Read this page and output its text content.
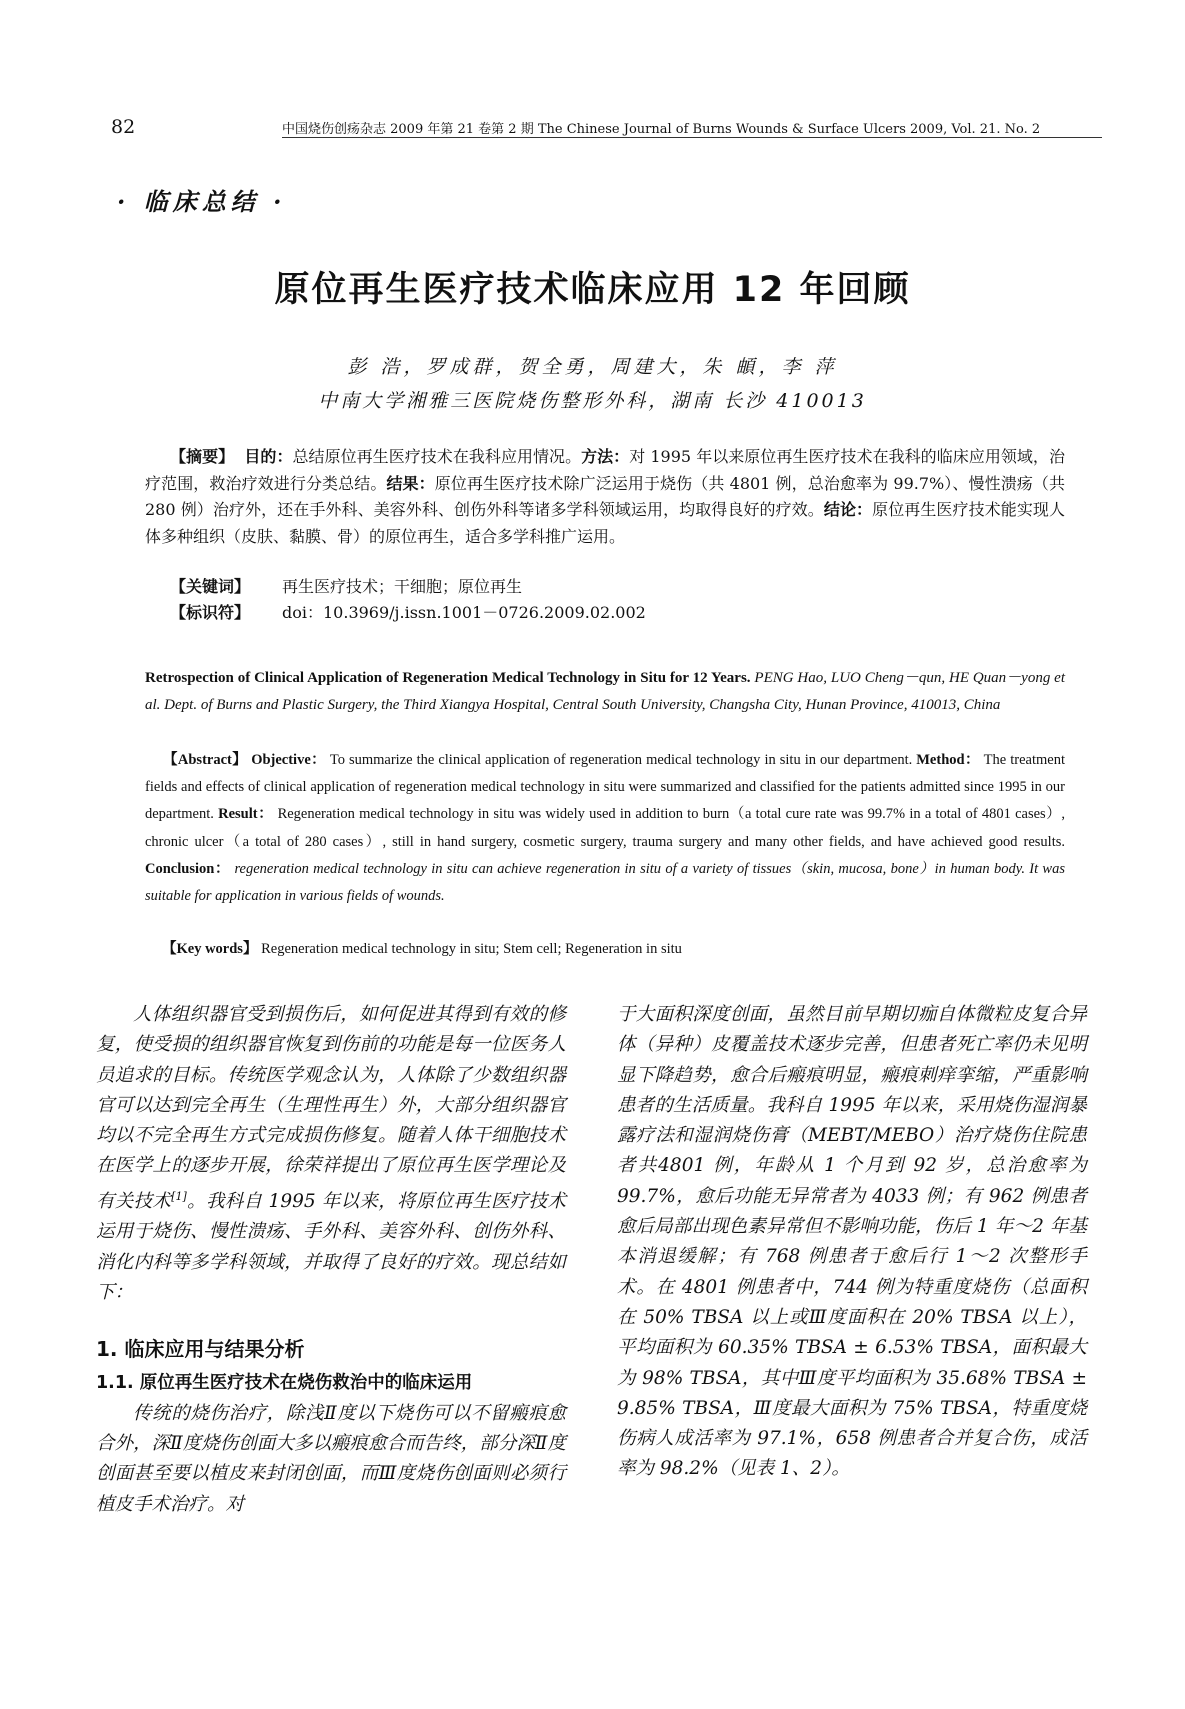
82	中国烧伤创疡杂志 2009 年第 21 卷第 2 期 The Chinese Journal of Burns Wounds & Surface Ulcers 2009, Vol. 21. No. 2
· 临床总结 ·
原位再生医疗技术临床应用 12 年回顾
彭 浩，罗成群，贺全勇，周建大，朱 頔，李 萍
中南大学湘雅三医院烧伤整形外科，湖南 长沙 410013
【摘要】 目的：总结原位再生医疗技术在我科应用情况。方法：对 1995 年以来原位再生医疗技术在我科的临床应用领域，治疗范围，救治疗效进行分类总结。结果：原位再生医疗技术除广泛运用于烧伤（共 4801 例，总治愈率为 99.7%）、慢性溃疡（共 280 例）治疗外，还在手外科、美容外科、创伤外科等诸多学科领域运用，均取得良好的疗效。结论：原位再生医疗技术能实现人体多种组织（皮肤、黏膜、骨）的原位再生，适合多学科推广运用。
【关键词】 再生医疗技术；干细胞；原位再生
【标识符】 doi：10.3969/j.issn.1001－0726.2009.02.002
Retrospection of Clinical Application of Regeneration Medical Technology in Situ for 12 Years. PENG Hao, LUO Cheng－qun, HE Quan－yong et al. Dept. of Burns and Plastic Surgery, the Third Xiangya Hospital, Central South University, Changsha City, Hunan Province, 410013, China
【Abstract】 Objective： To summarize the clinical application of regeneration medical technology in situ in our department. Method： The treatment fields and effects of clinical application of regeneration medical technology in situ were summarized and classified for the patients admitted since 1995 in our department. Result： Regeneration medical technology in situ was widely used in addition to burn（a total cure rate was 99.7% in a total of 4801 cases）, chronic ulcer（a total of 280 cases）, still in hand surgery, cosmetic surgery, trauma surgery and many other fields, and have achieved good results. Conclusion： regeneration medical technology in situ can achieve regeneration in situ of a variety of tissues（skin, mucosa, bone）in human body. It was suitable for application in various fields of wounds.
【Key words】 Regeneration medical technology in situ; Stem cell; Regeneration in situ

人体组织器官受到损伤后，如何促进其得到有效的修复，使受损的组织器官恢复到伤前的功能是每一位医务人员追求的目标。传统医学观念认为，人体除了少数组织器官可以达到完全再生（生理性再生）外，大部分组织器官均以不完全再生方式完成损伤修复。随着人体干细胞技术在医学上的逐步开展，徐荣祥提出了原位再生医学理论及有关技术[1]。我科自 1995 年以来，将原位再生医疗技术运用于烧伤、慢性溃疡、手外科、美容外科、创伤外科、消化内科等多学科领域，并取得了良好的疗效。现总结如下：

1. 临床应用与结果分析
1.1. 原位再生医疗技术在烧伤救治中的临床运用

传统的烧伤治疗，除浅Ⅱ度以下烧伤可以不留瘢痕愈合外，深Ⅱ度烧伤创面大多以瘢痕愈合而告终，部分深Ⅱ度创面甚至要以植皮来封闭创面，而Ⅲ度烧伤创面则必须行植皮手术治疗。对

于大面积深度创面，虽然目前早期切痂自体微粒皮复合异体（异种）皮覆盖技术逐步完善，但患者死亡率仍未见明显下降趋势，愈合后瘢痕明显，瘢痕刺痒挛缩，严重影响患者的生活质量。我科自 1995 年以来，采用烧伤湿润暴露疗法和湿润烧伤膏（MEBT/MEBO）治疗烧伤住院患者共4801 例，年龄从 1 个月到 92 岁，总治愈率为99.7%，愈后功能无异常者为 4033 例；有 962 例患者愈后局部出现色素异常但不影响功能，伤后 1 年～2 年基本消退缓解；有 768 例患者于愈后行 1～2 次整形手术。在 4801 例患者中，744 例为特重度烧伤（总面积在 50% TBSA 以上或Ⅲ度面积在 20% TBSA 以上），平均面积为 60.35% TBSA ± 6.53% TBSA，面积最大为 98% TBSA，其中Ⅲ度平均面积为 35.68% TBSA ± 9.85% TBSA，Ⅲ度最大面积为 75% TBSA，特重度烧伤病人成活率为 97.1%，658 例患者合并复合伤，成活率为 98.2%（见表 1、2）。
